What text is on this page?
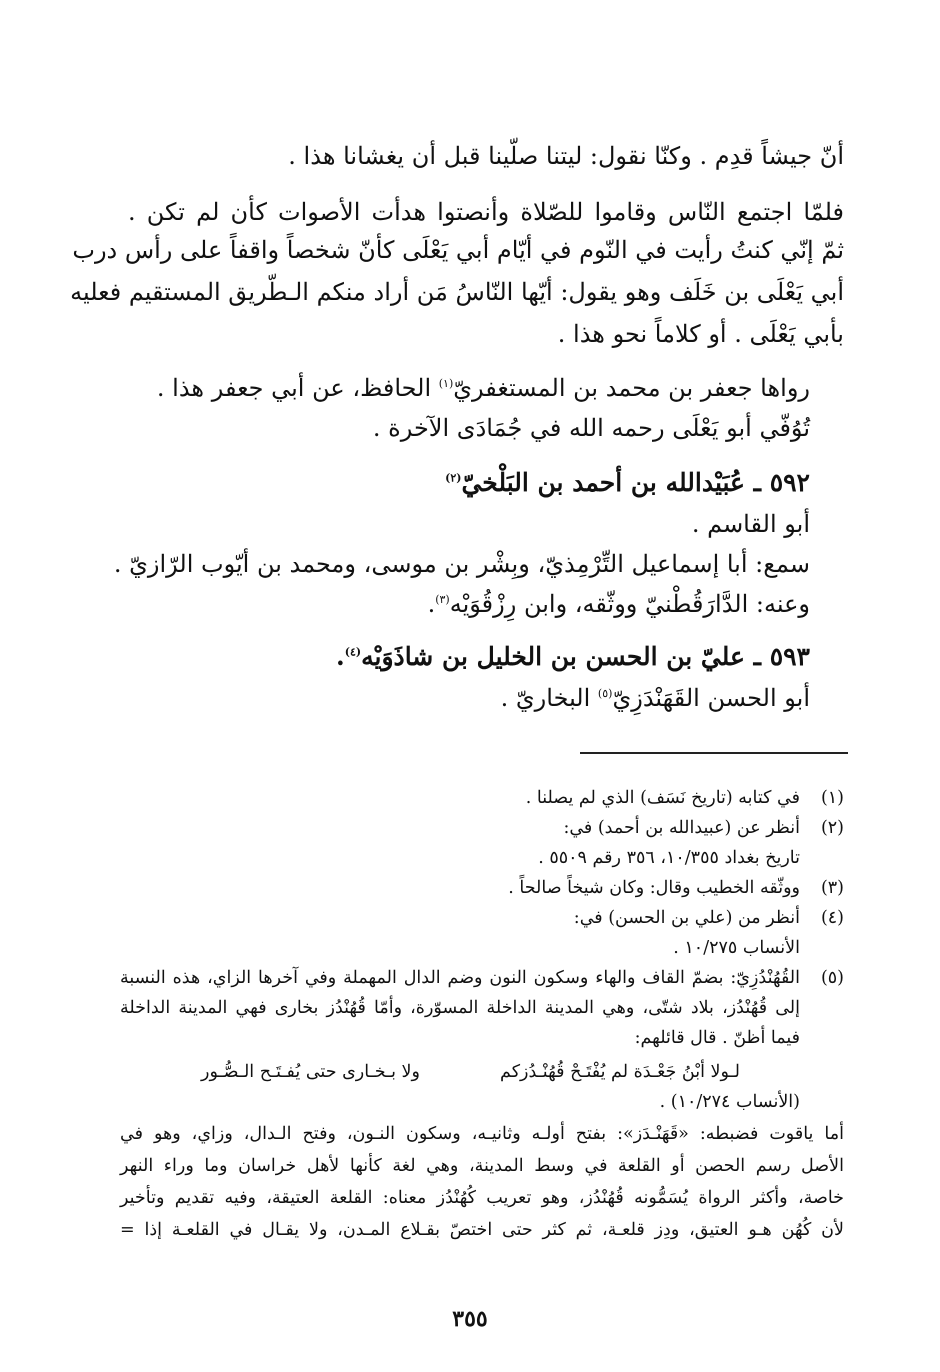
أنّ جيشاً قدِم . وكنّا نقول: ليتنا صلّينا قبل أن يغشانا هذا .
فلمّا اجتمع النّاس وقاموا للصّلاة وأنصتوا هدأت الأصوات كأن لم تكن .
ثمّ إنّي كنتُ رأيت في النّوم في أيّام أبي يَعْلَى كأنّ شخصاً واقفاً على رأس درب
أبي يَعْلَى بن خَلَف وهو يقول: أيّها النّاسُ مَن أراد منكم الـطّريق المستقيم فعليه
بأبي يَعْلَى . أو كلاماً نحو هذا .
رواها جعفر بن محمد بن المستغفريّ$^{(١)}$ الحافظ، عن أبي جعفر هذا .
تُوُفّي أبو يَعْلَى رحمه الله في جُمَادَى الآخرة .
٥٩٢ ـ عُبَيْدالله بن أحمد بن البَلْخيّ$^{(٢)}$
أبو القاسم .
سمع: أبا إسماعيل التِّرْمِذيّ، وبِشْر بن موسى، ومحمد بن أيّوب الرّازيّ .
وعنه: الدَّارَقُطْنيّ ووثّقه، وابن رِزْقُوَيْه$^{(٣)}$.
٥٩٣ ـ عليّ بن الحسن بن الخليل بن شاذَوَيْه$^{(٤)}$.
أبو الحسن القَهَنْدَزِيّ$^{(٥)}$ البخاريّ .
(١)
في كتابه (تاريخ نَسَف) الذي لم يصلنا .
(٢)
أنظر عن (عبيدالله بن أحمد) في:
تاريخ بغداد ١٠/٣٥٥، ٣٥٦ رقم ٥٥٠٩ .
(٣)
ووثّقه الخطيب وقال: وكان شيخاً صالحاً .
(٤)
أنظر من (علي بن الحسن) في:
الأنساب ١٠/٢٧٥ .
(٥)
القُهُنْدُزِيّ: بضمّ القاف والهاء وسكون النون وضم الدال المهملة وفي آخرها الزاي، هذه النسبة
إلى قُهُنْدُز، بلاد شتّى، وهي المدينة الداخلة المسوّرة، وأمّا قُهُنْدُز بخارى فهي المدينة الداخلة
فيما أظنّ . قال قائلهم:
لـولا أبْنُ جَعْـدَة لم يُفْتَـحْ قُهُنْـدُزكم
ولا بـخـارى حتى يُفـتَـح الـصُّـور
(الأنساب ١٠/٢٧٤) .
أما ياقوت فضبطه: «قَهَنْـدَز»: بفتح أولـه وثانيـه، وسكون النـون، وفتح الـدال، وزاي، وهو في
الأصل رسم الحصن أو القلعة في وسط المدينة، وهي لغة كأنها لأهل خراسان وما وراء النهر
خاصة، وأكثر الرواة يُسَمُّونه قُهُنْدُز، وهو تعريب كُهُنْدُز معناه: القلعة العتيقة، وفيه تقديم وتأخير
لأن كُهُن هـو العتيق، ودِز قلعـة، ثم كثر حتى اختصّ بقـلاع المـدن، ولا يقـال في القلعـة إذا =
٣٥٥
